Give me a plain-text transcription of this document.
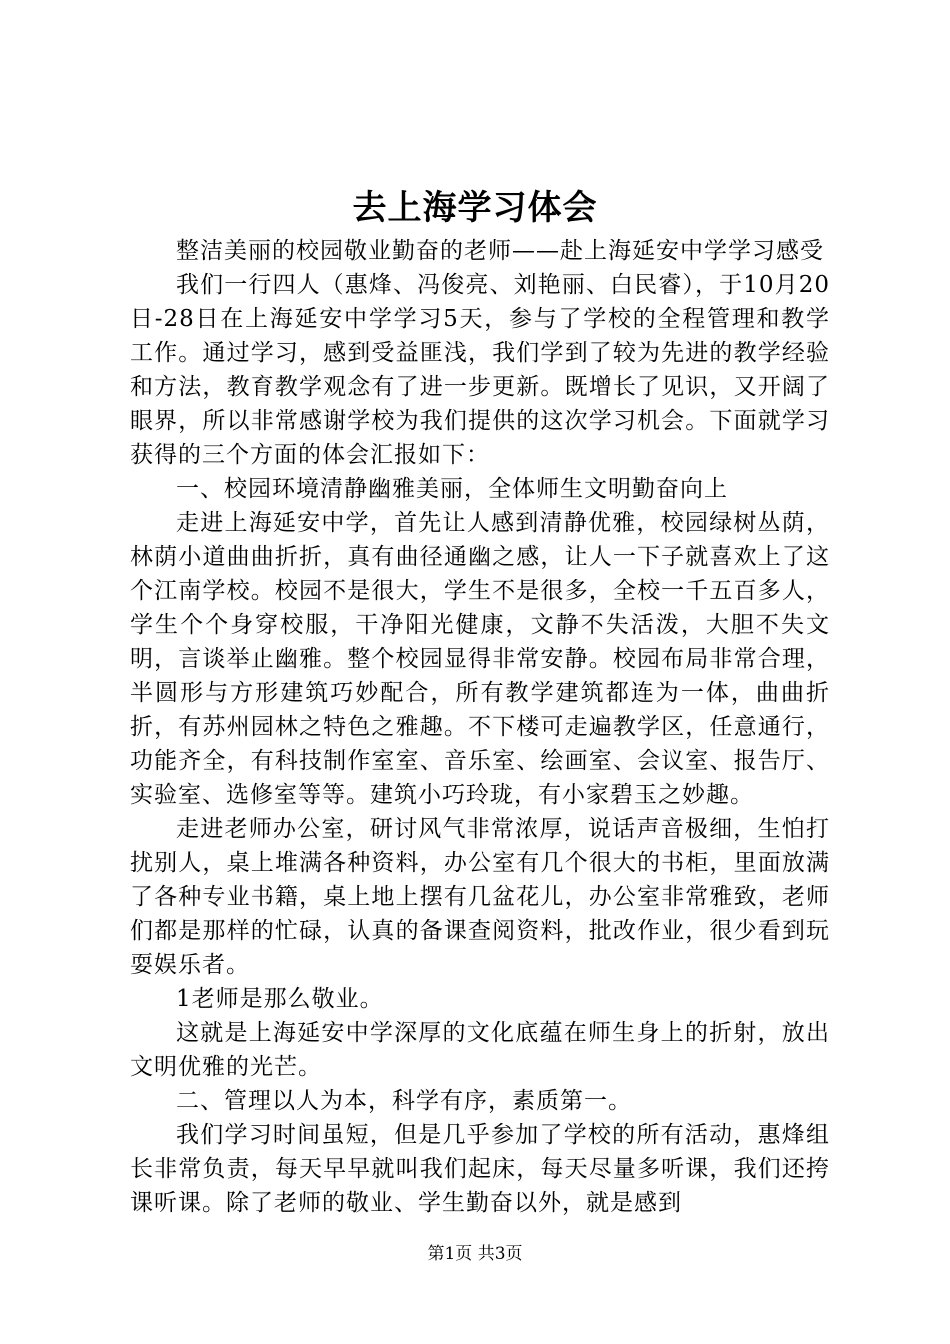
去上海学习体会

整洁美丽的校园敬业勤奋的老师——赴上海延安中学学习感受

我们一行四人（惠烽、冯俊亮、刘艳丽、白民睿），于10月20日-28日在上海延安中学学习5天，参与了学校的全程管理和教学工作。通过学习，感到受益匪浅，我们学到了较为先进的教学经验和方法，教育教学观念有了进一步更新。既增长了见识，又开阔了眼界，所以非常感谢学校为我们提供的这次学习机会。下面就学习获得的三个方面的体会汇报如下：

一、校园环境清静幽雅美丽，全体师生文明勤奋向上

走进上海延安中学，首先让人感到清静优雅，校园绿树丛荫，林荫小道曲曲折折，真有曲径通幽之感，让人一下子就喜欢上了这个江南学校。校园不是很大，学生不是很多，全校一千五百多人，学生个个身穿校服，干净阳光健康，文静不失活泼，大胆不失文明，言谈举止幽雅。整个校园显得非常安静。校园布局非常合理，半圆形与方形建筑巧妙配合，所有教学建筑都连为一体，曲曲折折，有苏州园林之特色之雅趣。不下楼可走遍教学区，任意通行，功能齐全，有科技制作室室、音乐室、绘画室、会议室、报告厅、实验室、选修室等等。建筑小巧玲珑，有小家碧玉之妙趣。

走进老师办公室，研讨风气非常浓厚，说话声音极细，生怕打扰别人，桌上堆满各种资料，办公室有几个很大的书柜，里面放满了各种专业书籍，桌上地上摆有几盆花儿，办公室非常雅致，老师们都是那样的忙碌，认真的备课查阅资料，批改作业，很少看到玩耍娱乐者。

1老师是那么敬业。

这就是上海延安中学深厚的文化底蕴在师生身上的折射，放出文明优雅的光芒。

二、管理以人为本，科学有序，素质第一。

我们学习时间虽短，但是几乎参加了学校的所有活动，惠烽组长非常负责，每天早早就叫我们起床，每天尽量多听课，我们还挎课听课。除了老师的敬业、学生勤奋以外，就是感到

第1页 共3页
